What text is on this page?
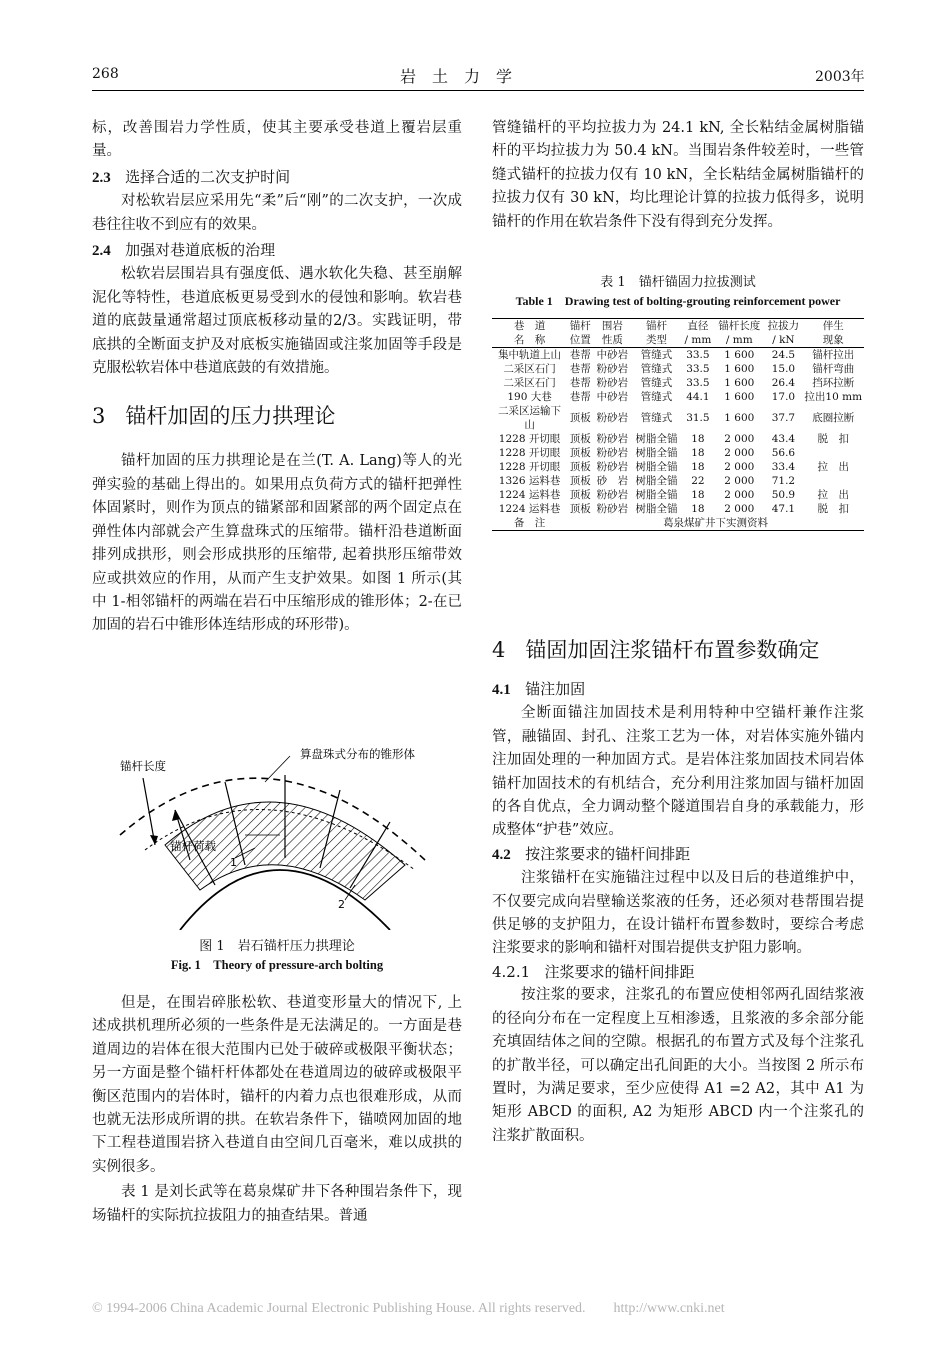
268	岩　土　力　学	2003年

标，改善围岩力学性质，使其主要承受巷道上覆岩层重量。

2.3 选择合适的二次支护时间

对松软岩层应采用先“柔”后“刚”的二次支护，一次成巷往往收不到应有的效果。

2.4 加强对巷道底板的治理

松软岩层围岩具有强度低、遇水软化失稳、甚至崩解泥化等特性，巷道底板更易受到水的侵蚀和影响。软岩巷道的底鼓量通常超过顶底板移动量的2/3。实践证明，带底拱的全断面支护及对底板实施锚固或注浆加固等手段是克服松软岩体中巷道底鼓的有效措施。

3 锚杆加固的压力拱理论

锚杆加固的压力拱理论是在兰(T. A. Lang)等人的光弹实验的基础上得出的。如果用点负荷方式的锚杆把弹性体固紧时，则作为顶点的锚紧部和固紧部的两个固定点在弹性体内部就会产生算盘珠式的压缩带。锚杆沿巷道断面排列成拱形，则会形成拱形的压缩带, 起着拱形压缩带效应或拱效应的作用，从而产生支护效果。如图 1 所示(其中 1-相邻锚杆的两端在岩石中压缩形成的锥形体；2-在已加固的岩石中锥形体连结形成的环形带)。

算盘珠式分布的锥形体
锚杆长度
锚杆荷载
1
2
图 1　岩石锚杆压力拱理论
Fig. 1　Theory of pressure-arch bolting

但是，在围岩碎胀松软、巷道变形量大的情况下, 上述成拱机理所必须的一些条件是无法满足的。一方面是巷道周边的岩体在很大范围内已处于破碎或极限平衡状态；另一方面是整个锚杆杆体都处在巷道周边的破碎或极限平衡区范围内的岩体时，锚杆的内着力点也很难形成，从而也就无法形成所谓的拱。在软岩条件下，锚喷网加固的地下工程巷道围岩挤入巷道自由空间几百毫米，难以成拱的实例很多。

表 1 是刘长武等在葛泉煤矿井下各种围岩条件下，现场锚杆的实际抗拉拔阻力的抽查结果。普通

管缝锚杆的平均拉拔力为 24.1 kN, 全长粘结金属树脂锚杆的平均拉拔力为 50.4 kN。当围岩条件较差时，一些管缝式锚杆的拉拔力仅有 10 kN，全长粘结金属树脂锚杆的拉拔力仅有 30 kN，均比理论计算的拉拔力低得多，说明锚杆的作用在软岩条件下没有得到充分发挥。

表 1　锚杆锚固力拉拔测试
Table 1　Drawing test of bolting-grouting reinforcement power
巷　道	锚杆	围岩	锚杆	直径	锚杆长度	拉拔力	伴生
名　称	位置	性质	类型	/ mm	/ mm	/ kN	现象
集中轨道上山	巷帮	中砂岩	管缝式	33.5	1 600	24.5	锚杆拉出
二采区石门	巷帮	粉砂岩	管缝式	33.5	1 600	15.0	锚杆弯曲
二采区石门	巷帮	粉砂岩	管缝式	33.5	1 600	26.4	挡环拉断
190 大巷	巷帮	中砂岩	管缝式	44.1	1 600	17.0	拉出10 mm
二采区运输下山	顶板	粉砂岩	管缝式	31.5	1 600	37.7	底圈拉断
1228 开切眼	顶板	粉砂岩	树脂全锚	18	2 000	43.4	脱　扣
1228 开切眼	顶板	粉砂岩	树脂全锚	18	2 000	56.6	
1228 开切眼	顶板	粉砂岩	树脂全锚	18	2 000	33.4	拉　出
1326 运料巷	顶板	砂　岩	树脂全锚	22	2 000	71.2	
1224 运料巷	顶板	粉砂岩	树脂全锚	18	2 000	50.9	拉　出
1224 运料巷	顶板	粉砂岩	树脂全锚	18	2 000	47.1	脱　扣
备　注	葛泉煤矿井下实测资料						

4 锚固加固注浆锚杆布置参数确定

4.1 锚注加固

全断面锚注加固技术是利用特种中空锚杆兼作注浆管，融锚固、封孔、注浆工艺为一体，对岩体实施外锚内注加固处理的一种加固方式。是岩体注浆加固技术同岩体锚杆加固技术的有机结合，充分利用注浆加固与锚杆加固的各自优点，全力调动整个隧道围岩自身的承载能力，形成整体“护巷”效应。

4.2 按注浆要求的锚杆间排距

注浆锚杆在实施锚注过程中以及日后的巷道维护中，不仅要完成向岩壁输送浆液的任务，还必须对巷帮围岩提供足够的支护阻力，在设计锚杆布置参数时，要综合考虑注浆要求的影响和锚杆对围岩提供支护阻力影响。

4.2.1 注浆要求的锚杆间排距

按注浆的要求，注浆孔的布置应使相邻两孔固结浆液的径向分布在一定程度上互相渗透，且浆液的多余部分能充填固结体之间的空隙。根据孔的布置方式及每个注浆孔的扩散半径，可以确定出孔间距的大小。当按图 2 所示布置时，为满足要求，至少应使得 A1 =2 A2，其中 A1 为矩形 ABCD 的面积, A2 为矩形 ABCD 内一个注浆孔的注浆扩散面积。

© 1994-2006 China Academic Journal Electronic Publishing House. All rights reserved.　　http://www.cnki.net
